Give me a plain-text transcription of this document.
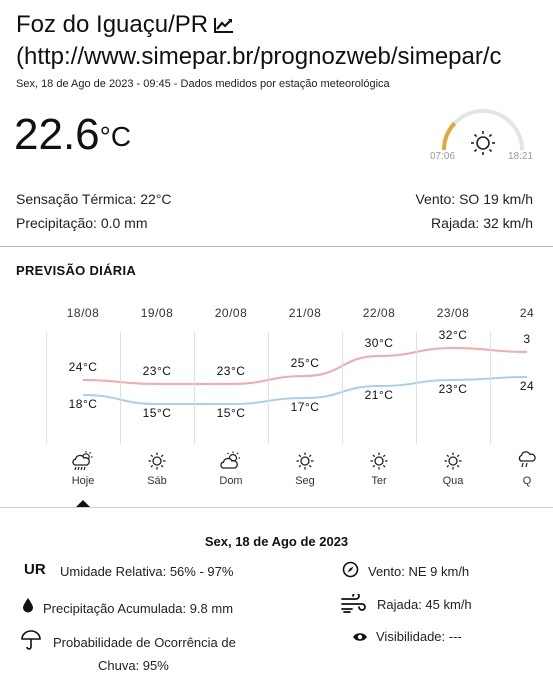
Foz do Iguaçu/PR
(http://www.simepar.br/prognozweb/simepar/c
Sex, 18 de Ago de 2023 - 09:45 - Dados medidos por estação meteorológica
$22.6^{^\circ C}$
07:06	18:21
Sensação Térmica: 22°C
Precipitação: 0.0 mm
Vento: SO 19 km/h
Rajada: 32 km/h
PREVISÃO DIÁRIA
18/08
24°C
18°C
Hoje
19/08
23°C
15°C
Sáb
20/08
23°C
15°C
Dom
21/08
25°C
17°C
Seg
22/08
30°C
21°C
Ter
23/08
32°C
23°C
Qua
24
3
24
Q
Sex, 18 de Ago de 2023
UR Umidade Relativa: 56% - 97%
Precipitação Acumulada: 9.8 mm
Probabilidade de Ocorrência de
Chuva: 95%
Vento: NE 9 km/h
Rajada: 45 km/h
Visibilidade: ---
